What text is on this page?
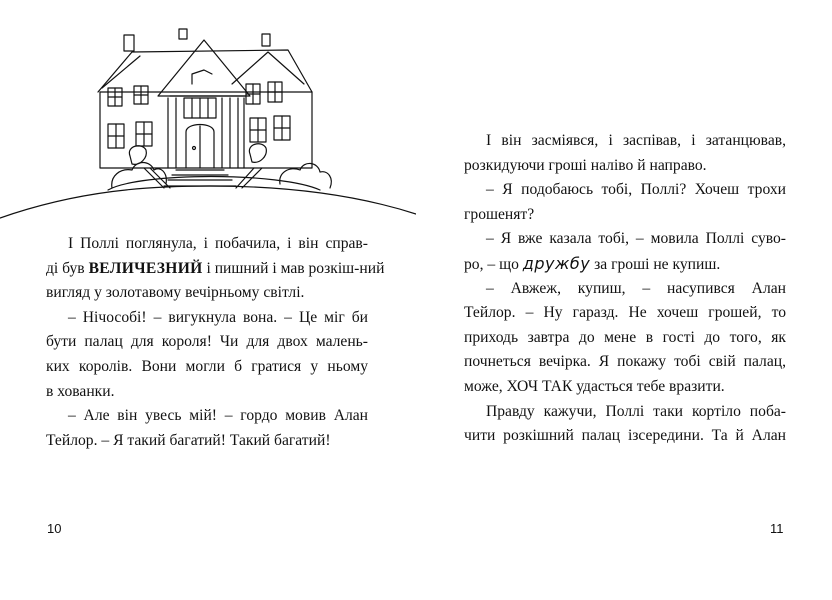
І Поллі поглянула, і побачила, і він справ-
ді був ВЕЛИЧЕЗНИЙ і пишний і мав розкіш-ний
вигляд у золотавому вечірньому світлі.
– Нічособі! – вигукнула вона. – Це міг би
бути палац для короля! Чи для двох малень-
ких королів. Вони могли б гратися у ньому
в хованки.
– Але він увесь мій! – гордо мовив Алан
Тейлор. – Я такий багатий! Такий багатий!
10
І він засміявся, і заспівав, і затанцював,
розкидуючи гроші наліво й направо.
– Я подобаюсь тобі, Поллі? Хочеш трохи
грошенят?
– Я вже казала тобі, – мовила Поллі суво-
ро, – що дружбу за гроші не купиш.
– Авжеж, купиш, – насупився Алан
Тейлор. – Ну гаразд. Не хочеш грошей, то
приходь завтра до мене в гості до того, як
почнеться вечірка. Я покажу тобі свій палац,
може, ХОЧ ТАК удасться тебе вразити.
Правду кажучи, Поллі таки кортіло поба-
чити розкішний палац ізсередини. Та й Алан
11
